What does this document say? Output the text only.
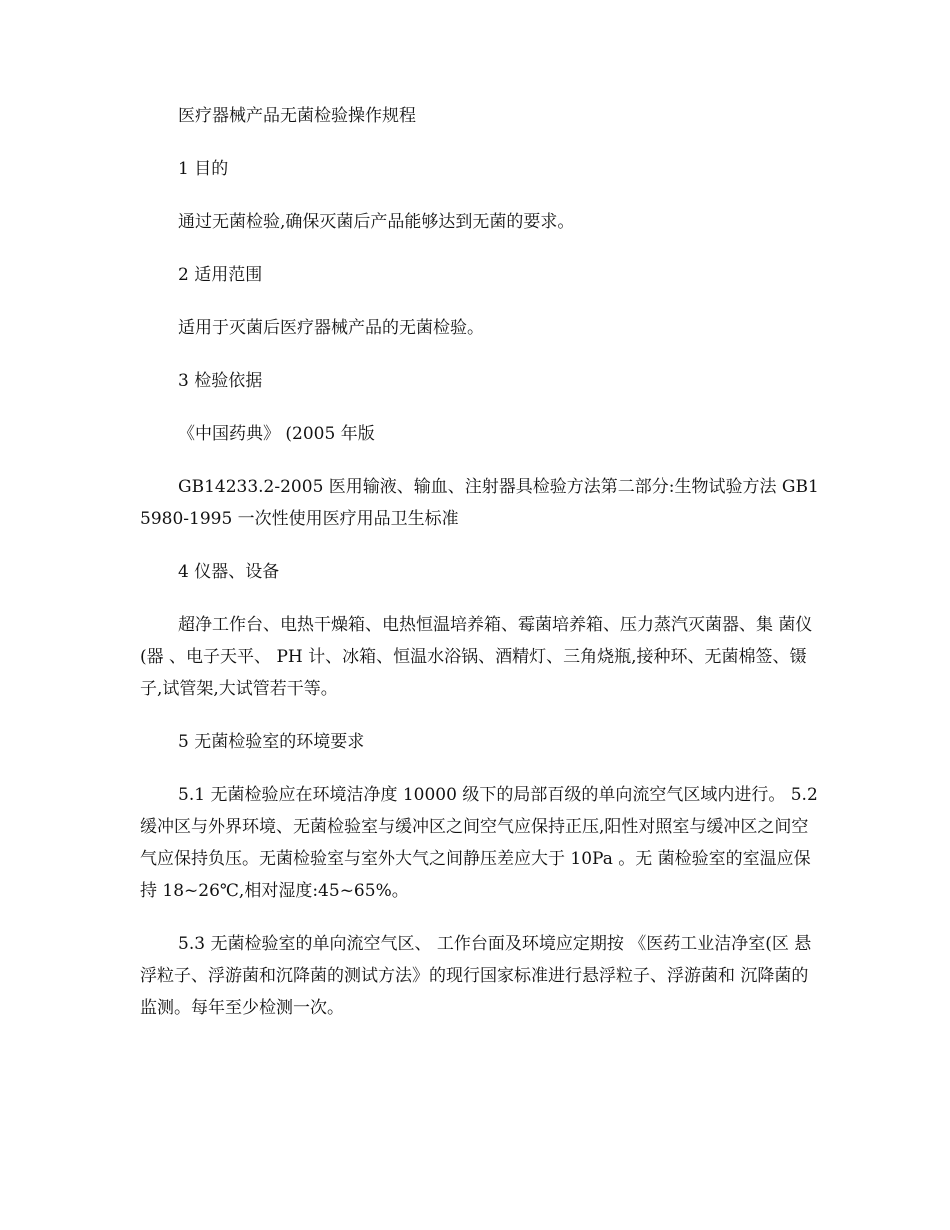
医疗器械产品无菌检验操作规程

1 目的

通过无菌检验,确保灭菌后产品能够达到无菌的要求。

2 适用范围

适用于灭菌后医疗器械产品的无菌检验。

3 检验依据

《中国药典》 (2005 年版

GB14233.2-2005 医用输液、输血、注射器具检验方法第二部分:生物试验方法 GB15980-1995 一次性使用医疗用品卫生标准

4 仪器、设备

超净工作台、电热干燥箱、电热恒温培养箱、霉菌培养箱、压力蒸汽灭菌器、集 菌仪(器 、电子天平、 PH 计、冰箱、恒温水浴锅、酒精灯、三角烧瓶,接种环、无菌棉签、镊子,试管架,大试管若干等。

5 无菌检验室的环境要求

5.1 无菌检验应在环境洁净度 10000 级下的局部百级的单向流空气区域内进行。 5.2 缓冲区与外界环境、无菌检验室与缓冲区之间空气应保持正压,阳性对照室与缓冲区之间空气应保持负压。无菌检验室与室外大气之间静压差应大于 10Pa 。无 菌检验室的室温应保持 18~26℃,相对湿度:45~65%。

5.3 无菌检验室的单向流空气区、 工作台面及环境应定期按 《医药工业洁净室(区 悬浮粒子、浮游菌和沉降菌的测试方法》的现行国家标准进行悬浮粒子、浮游菌和 沉降菌的监测。每年至少检测一次。
